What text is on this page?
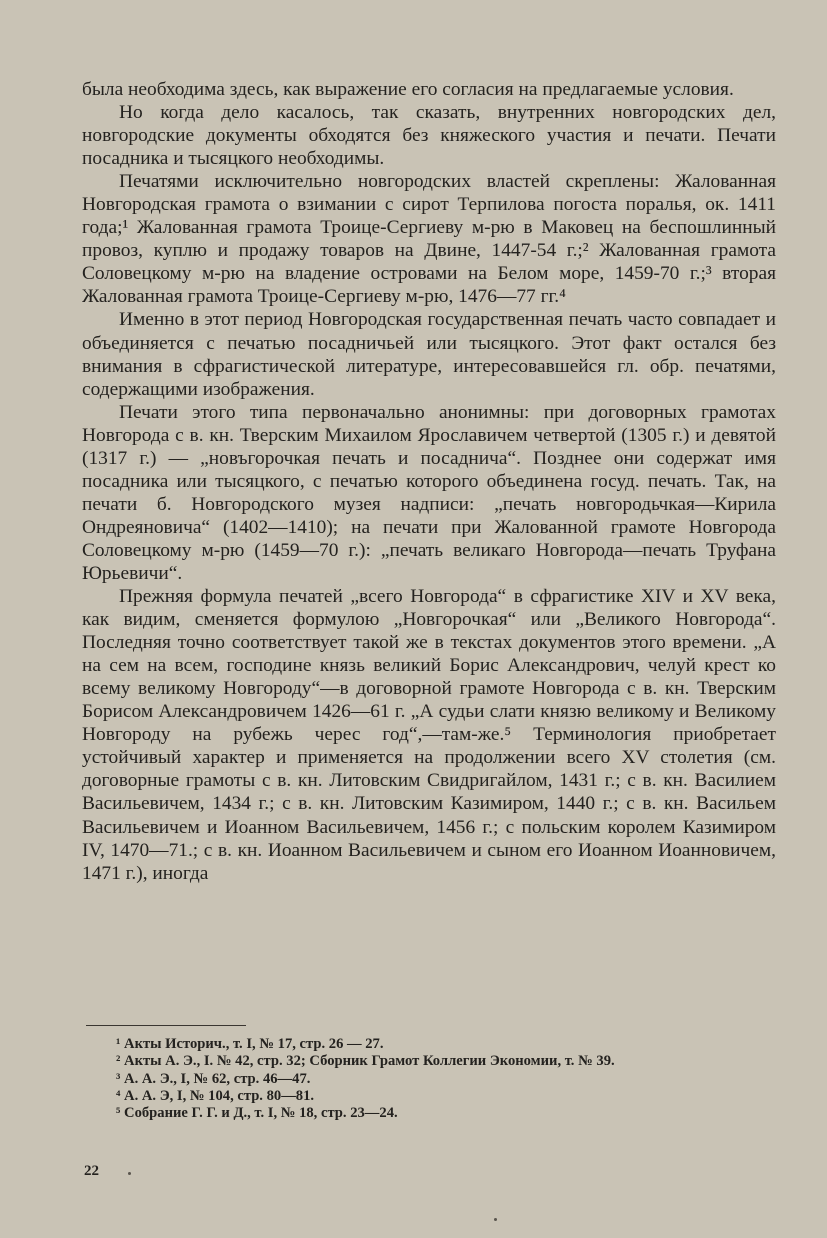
была необходима здесь, как выражение его согласия на предлагаемые условия.

Но когда дело касалось, так сказать, внутренних новгородских дел, новгородские документы обходятся без княжеского участия и печати. Печати посадника и тысяцкого необходимы.

Печатями исключительно новгородских властей скреплены: Жалованная Новгородская грамота о взимании с сирот Терпилова погоста поралья, ок. 1411 года;¹ Жалованная грамота Троице-Сергиеву м-рю в Маковец на беспошлинный провоз, куплю и продажу товаров на Двине, 1447-54 г.;² Жалованная грамота Соловецкому м-рю на владение островами на Белом море, 1459-70 г.;³ вторая Жалованная грамота Троице-Сергиеву м-рю, 1476—77 гг.⁴

Именно в этот период Новгородская государственная печать часто совпадает и объединяется с печатью посадничьей или тысяцкого. Этот факт остался без внимания в сфрагистической литературе, интересовавшейся гл. обр. печатями, содержащими изображения.

Печати этого типа первоначально анонимны: при договорных грамотах Новгорода с в. кн. Тверским Михаилом Ярославичем четвертой (1305 г.) и девятой (1317 г.) — „новъгорочкая печать и посаднича“. Позднее они содержат имя посадника или тысяцкого, с печатью которого объединена госуд. печать. Так, на печати б. Новгородского музея надписи: „печать новгородьчкая—Кирила Ондреяновича“ (1402—1410); на печати при Жалованной грамоте Новгорода Соловецкому м-рю (1459—70 г.): „печать великаго Новгорода—печать Труфана Юрьевичи“.

Прежняя формула печатей „всего Новгорода“ в сфрагистике XIV и XV века, как видим, сменяется формулою „Новгорочкая“ или „Великого Новгорода“. Последняя точно соответствует такой же в текстах документов этого времени. „А на сем на всем, господине князь великий Борис Александрович, челуй крест ко всему великому Новгороду“—в договорной грамоте Новгорода с в. кн. Тверским Борисом Александровичем 1426—61 г. „А судьи слати князю великому и Великому Новгороду на рубежь черес год“,—там-же.⁵ Терминология приобретает устойчивый характер и применяется на продолжении всего XV столетия (см. договорные грамоты с в. кн. Литовским Свидригайлом, 1431 г.; с в. кн. Василием Васильевичем, 1434 г.; с в. кн. Литовским Казимиром, 1440 г.; с в. кн. Васильем Васильевичем и Иоанном Васильевичем, 1456 г.; с польским королем Казимиром IV, 1470—71.; с в. кн. Иоанном Васильевичем и сыном его Иоанном Иоанновичем, 1471 г.), иногда

¹ Акты Историч., т. I, № 17, стр. 26 — 27.

² Акты А. Э., I. № 42, стр. 32; Сборник Грамот Коллегии Экономии, т. № 39.

³ А. А. Э., I, № 62, стр. 46—47.

⁴ А. А. Э, I, № 104, стр. 80—81.

⁵ Собрание Г. Г. и Д., т. I, № 18, стр. 23—24.

22
